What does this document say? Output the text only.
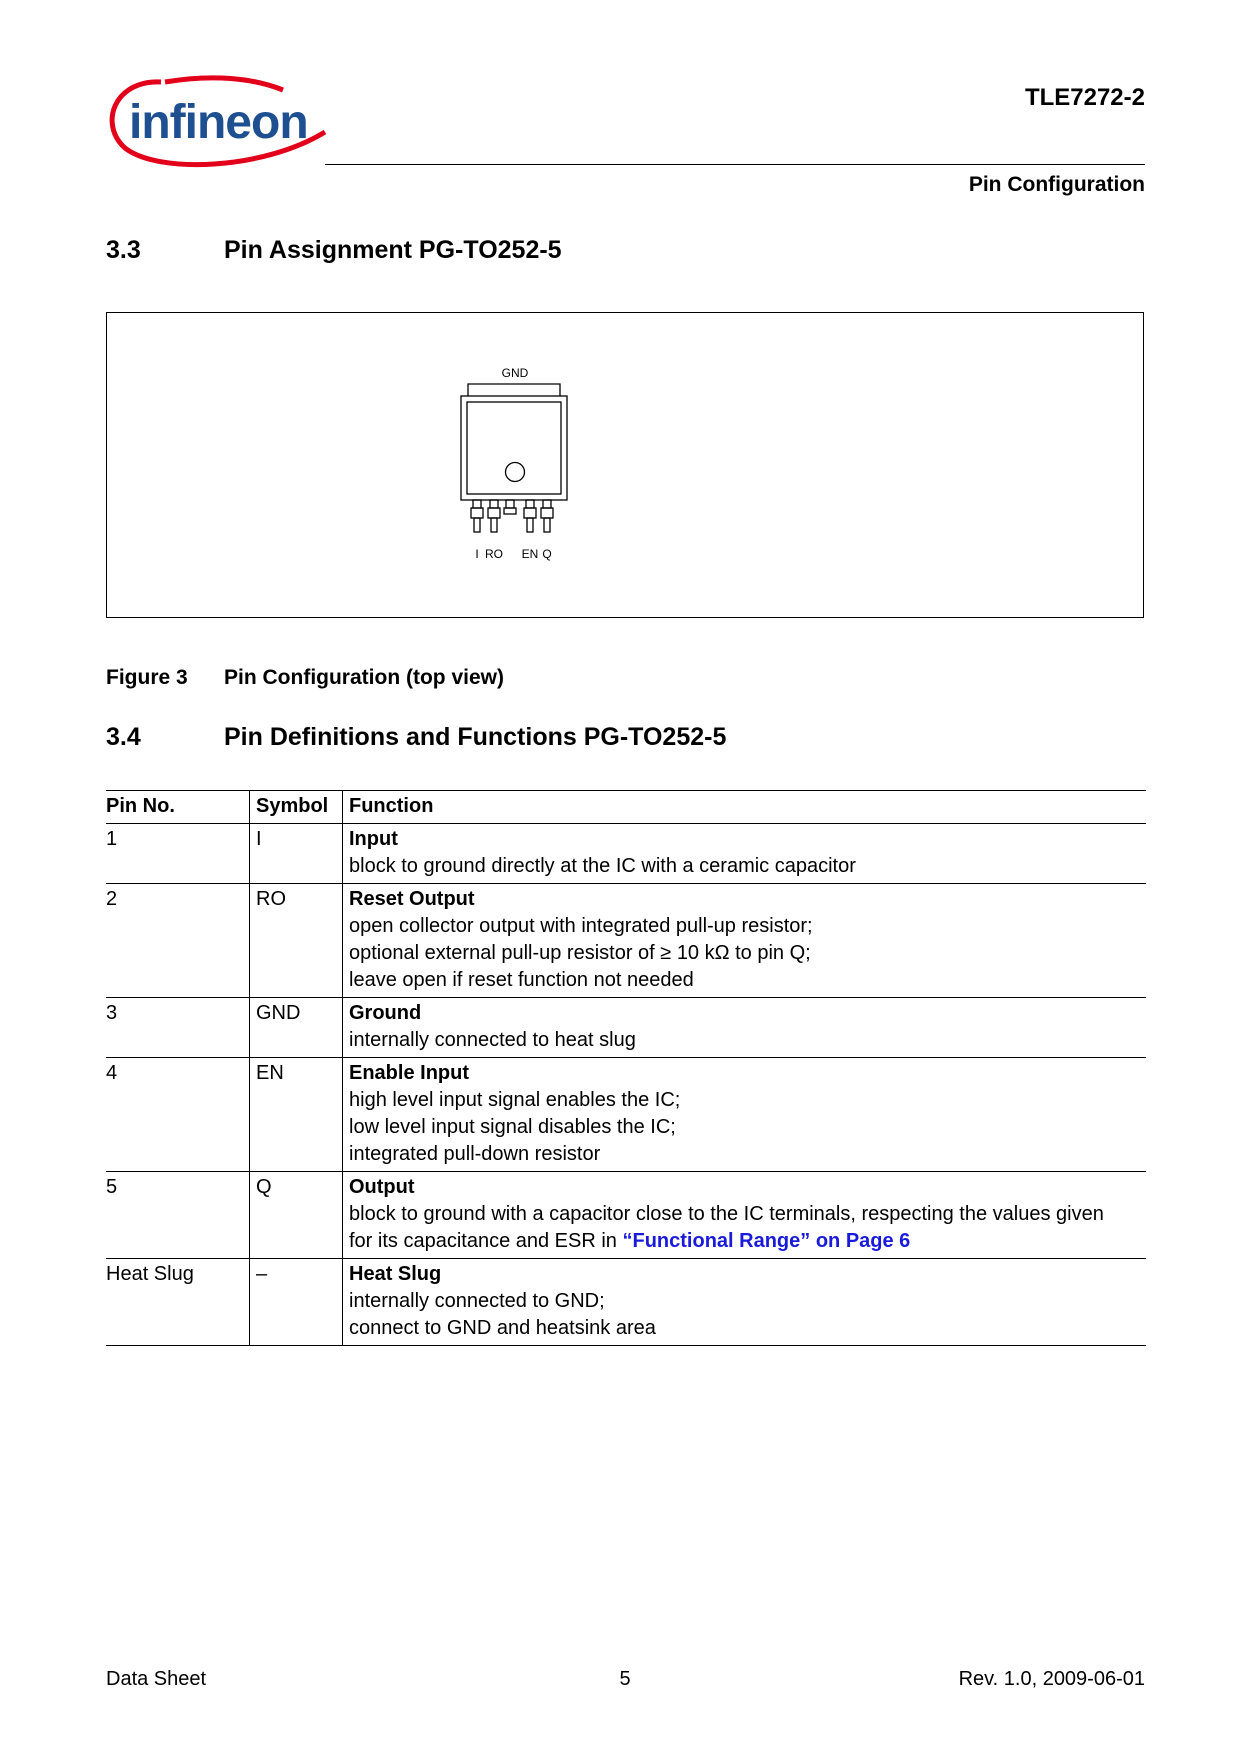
infineon	TLE7272-2
Pin Configuration
3.3	Pin Assignment PG-TO252-5
GND
I RO EN Q
Figure 3 Pin Configuration (top view)
3.4	Pin Definitions and Functions PG-TO252-5
Pin No.	Symbol	Function
1	I	Input
block to ground directly at the IC with a ceramic capacitor

2	RO	Reset Output
open collector output with integrated pull-up resistor;
optional external pull-up resistor of ≥ 10 kΩ to pin Q;
leave open if reset function not needed

3	GND	Ground
internally connected to heat slug

4	EN	Enable Input
high level input signal enables the IC;
low level input signal disables the IC;
integrated pull-down resistor

5	Q	Output
block to ground with a capacitor close to the IC terminals, respecting the values given
for its capacitance and ESR in “Functional Range” on Page 6

Heat Slug	–	Heat Slug
internally connected to GND;
connect to GND and heatsink area
Data Sheet	5	Rev. 1.0, 2009-06-01
